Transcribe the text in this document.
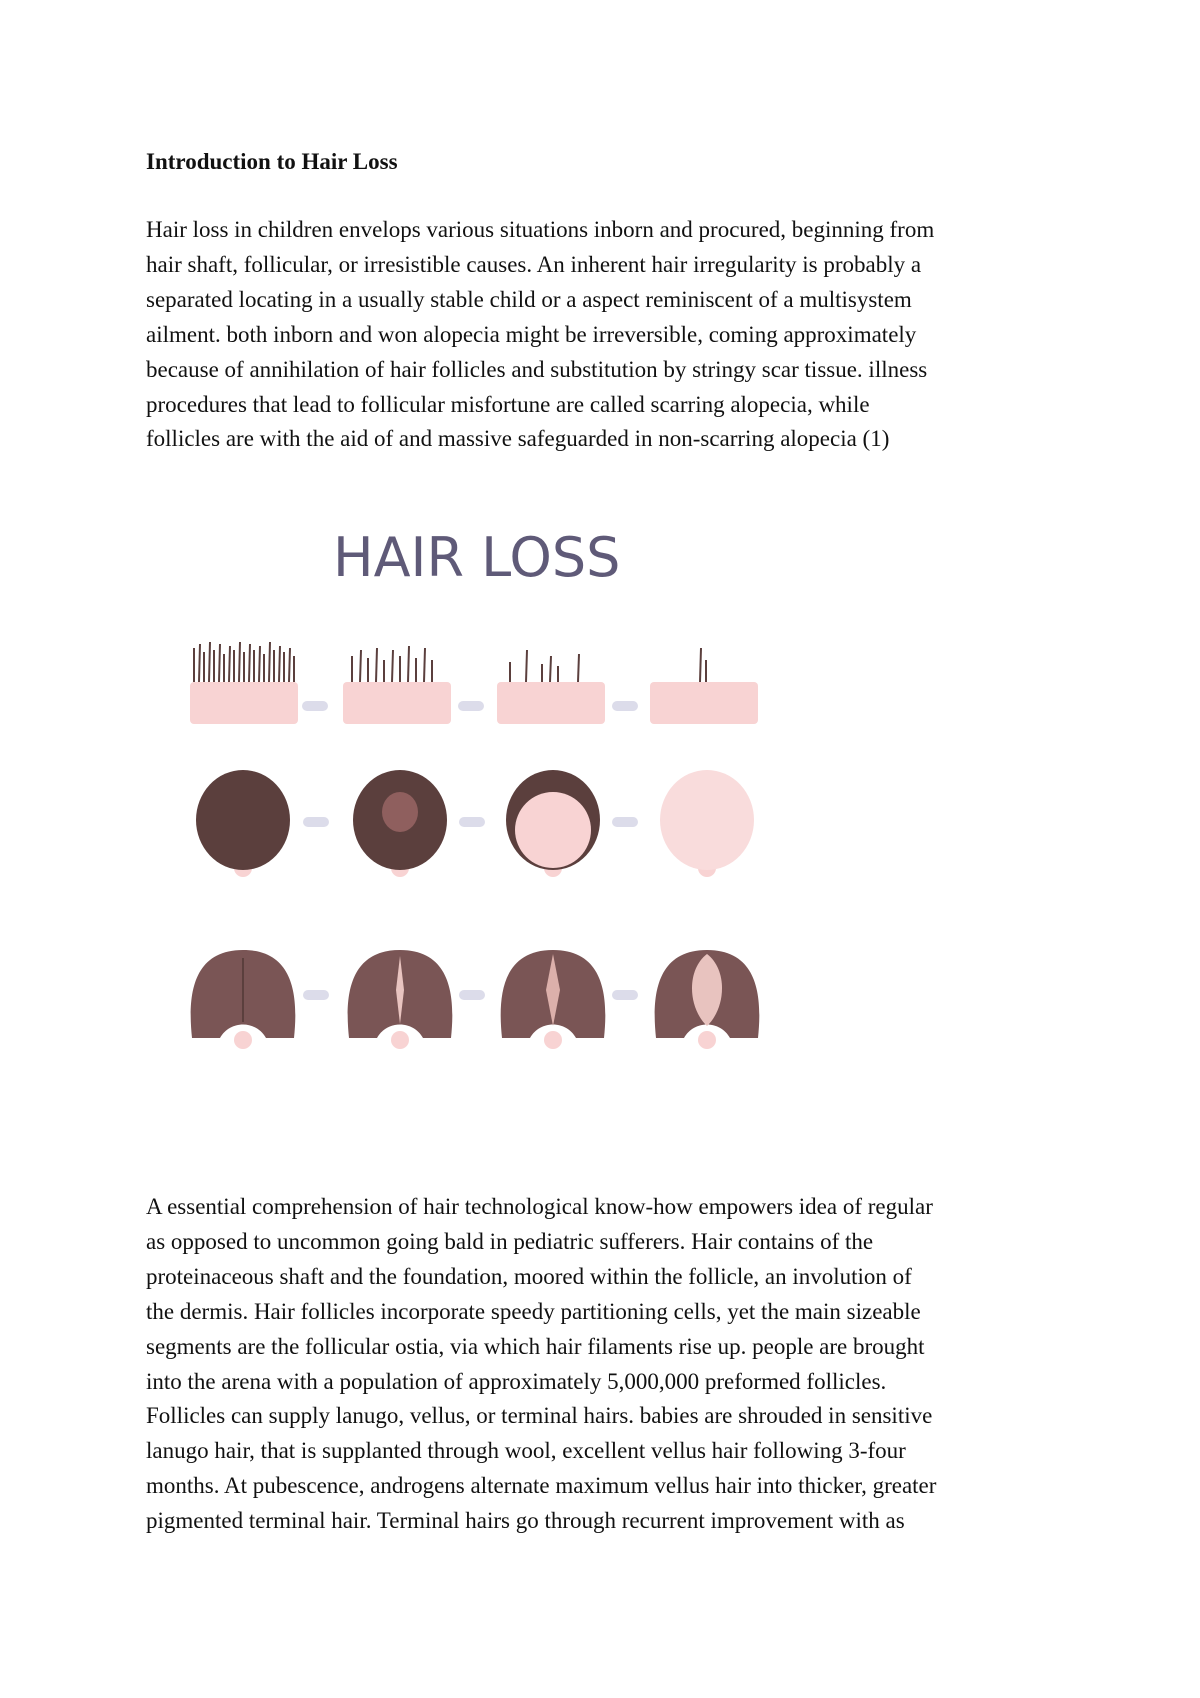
Introduction to Hair Loss

Hair loss in children envelops various situations inborn and procured, beginning from
hair shaft, follicular, or irresistible causes. An inherent hair irregularity is probably a
separated locating in a usually stable child or a aspect reminiscent of a multisystem
ailment. both inborn and won alopecia might be irreversible, coming approximately
because of annihilation of hair follicles and substitution by stringy scar tissue. illness
procedures that lead to follicular misfortune are called scarring alopecia, while
follicles are with the aid of and massive safeguarded in non-scarring alopecia (1)

HAIR LOSS

A essential comprehension of hair technological know-how empowers idea of regular
as opposed to uncommon going bald in pediatric sufferers. Hair contains of the
proteinaceous shaft and the foundation, moored within the follicle, an involution of
the dermis. Hair follicles incorporate speedy partitioning cells, yet the main sizeable
segments are the follicular ostia, via which hair filaments rise up. people are brought
into the arena with a population of approximately 5,000,000 preformed follicles.
Follicles can supply lanugo, vellus, or terminal hairs. babies are shrouded in sensitive
lanugo hair, that is supplanted through wool, excellent vellus hair following 3-four
months. At pubescence, androgens alternate maximum vellus hair into thicker, greater
pigmented terminal hair. Terminal hairs go through recurrent improvement with as
